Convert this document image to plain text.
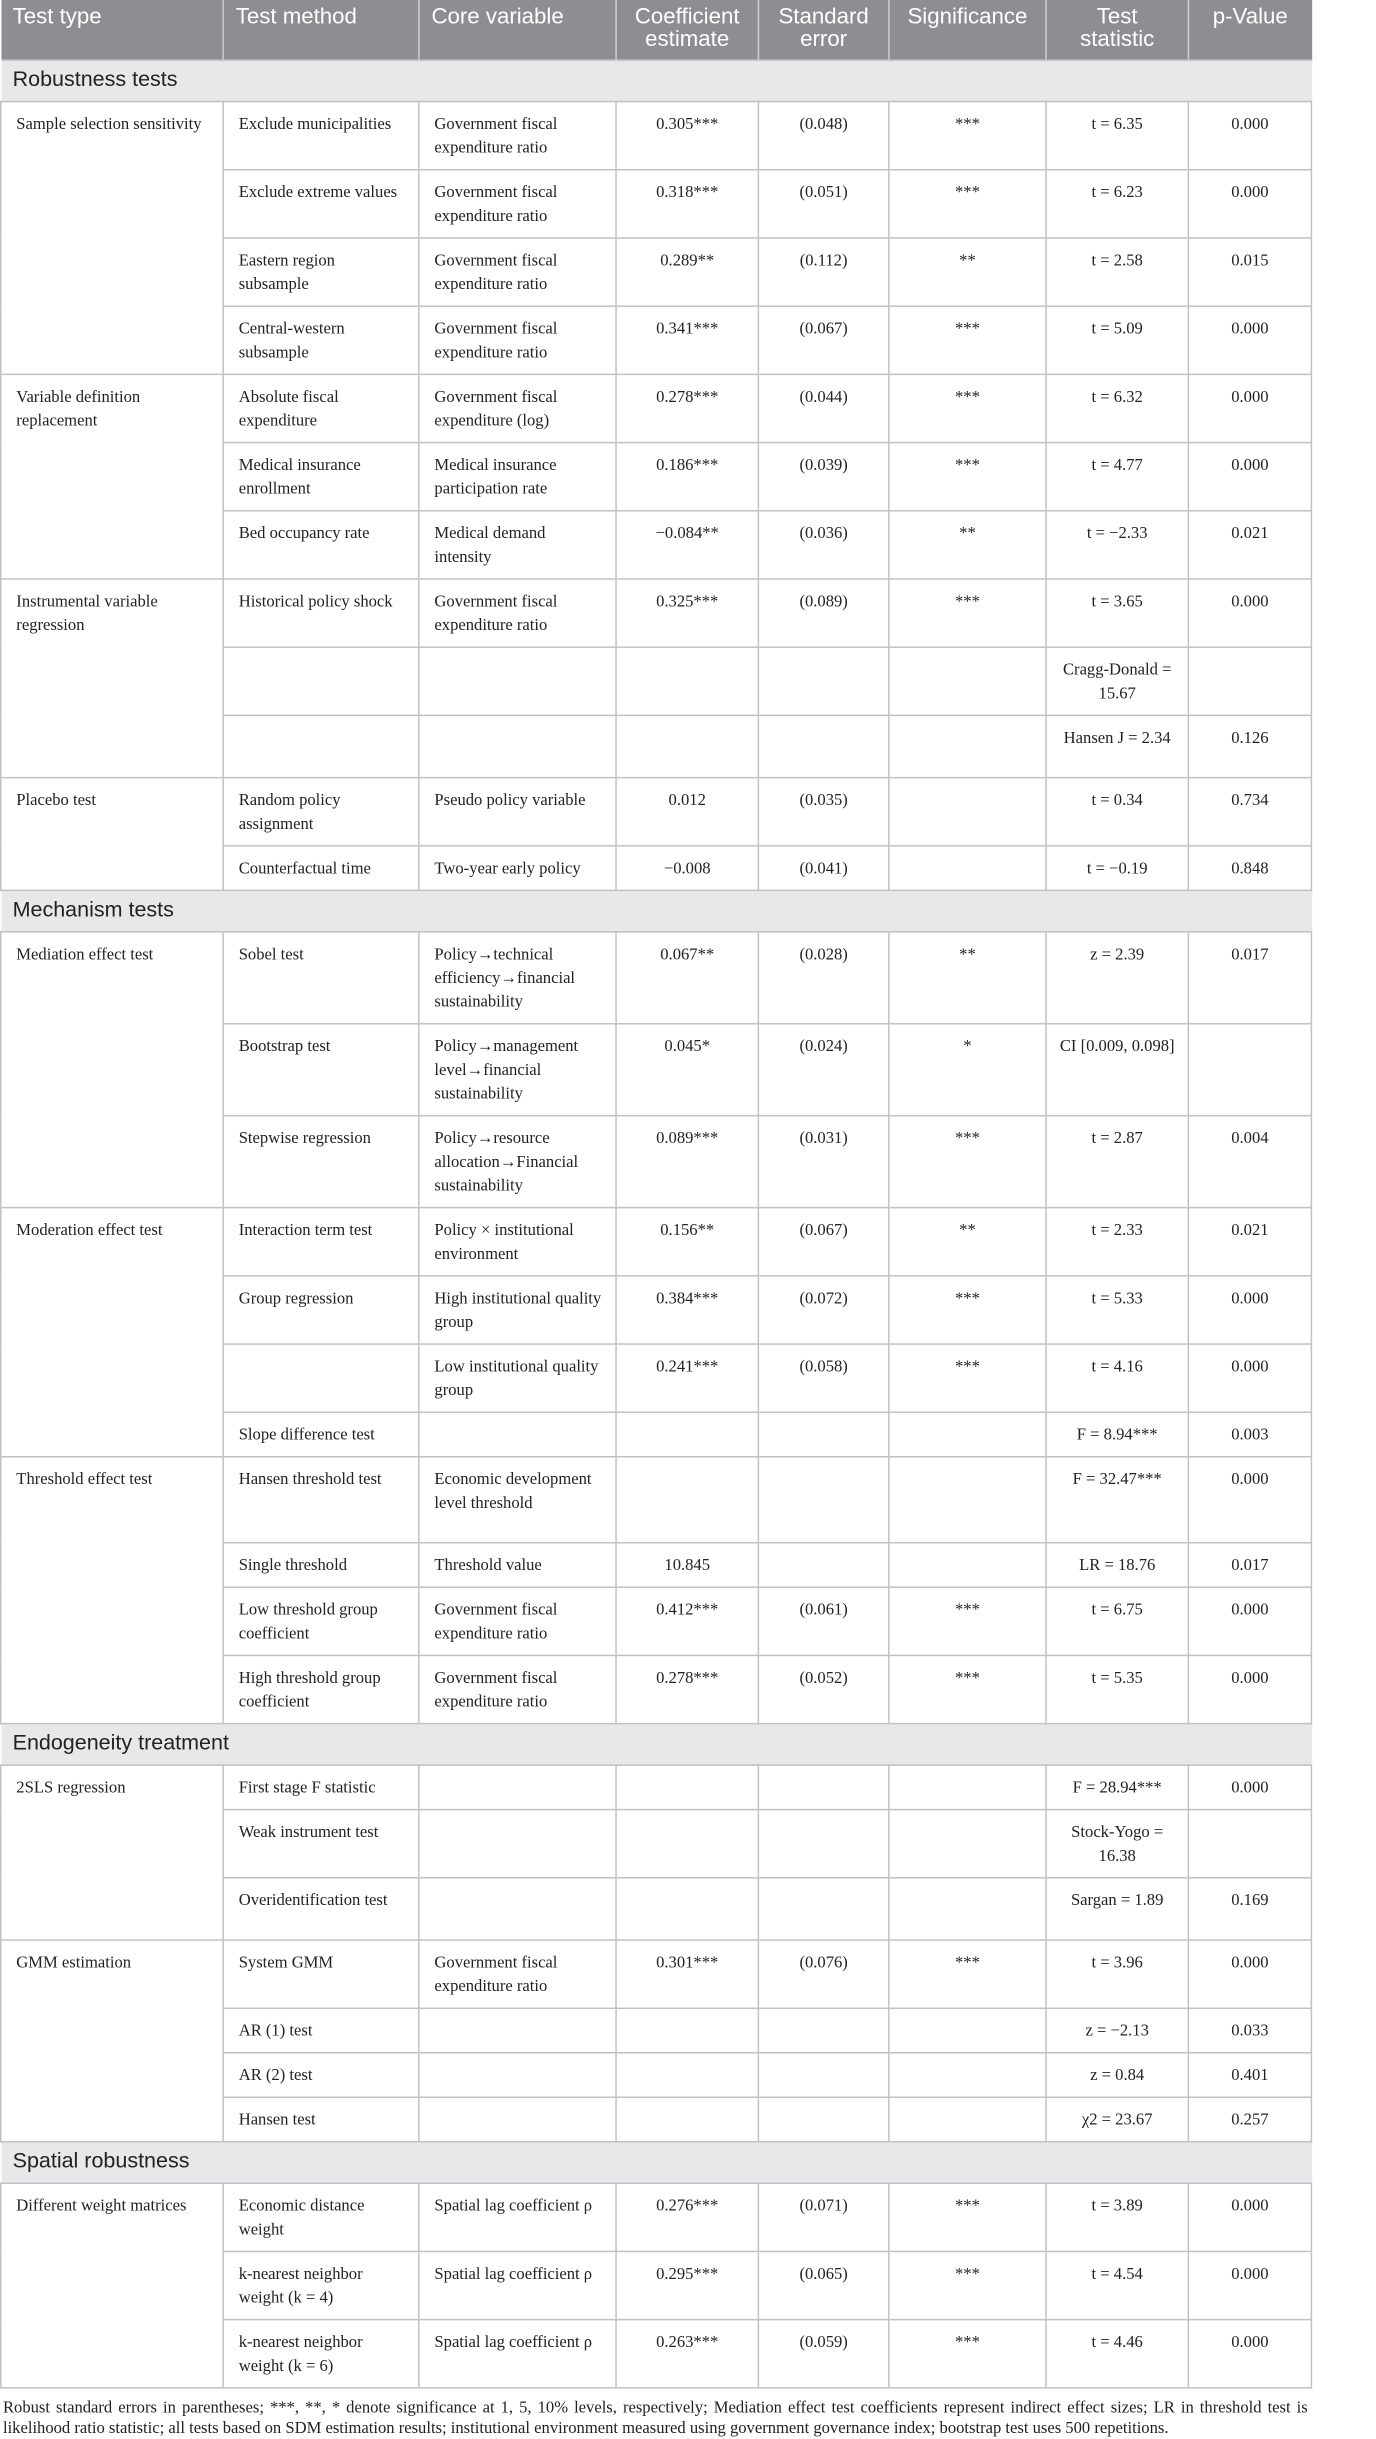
Test type	Test method	Core variable	Coefficient estimate	Standard error	Significance	Test statistic	p-Value
Robustness tests							
Sample selection sensitivity	Exclude municipalities	Government fiscal expenditure ratio	0.305***	(0.048)	***	t = 6.35	0.000
	Exclude extreme values	Government fiscal expenditure ratio	0.318***	(0.051)	***	t = 6.23	0.000
	Eastern region subsample	Government fiscal expenditure ratio	0.289**	(0.112)	**	t = 2.58	0.015
	Central-western subsample	Government fiscal expenditure ratio	0.341***	(0.067)	***	t = 5.09	0.000
Variable definition replacement	Absolute fiscal expenditure	Government fiscal expenditure (log)	0.278***	(0.044)	***	t = 6.32	0.000
	Medical insurance enrollment	Medical insurance participation rate	0.186***	(0.039)	***	t = 4.77	0.000
	Bed occupancy rate	Medical demand intensity	−0.084**	(0.036)	**	t = −2.33	0.021
Instrumental variable regression	Historical policy shock	Government fiscal expenditure ratio	0.325***	(0.089)	***	t = 3.65	0.000
						Cragg-Donald = 15.67	
						Hansen J = 2.34	0.126
Placebo test	Random policy assignment	Pseudo policy variable	0.012	(0.035)		t = 0.34	0.734
	Counterfactual time	Two-year early policy	−0.008	(0.041)		t = −0.19	0.848
Mechanism tests							
Mediation effect test	Sobel test	Policy→technical efficiency→financial sustainability	0.067**	(0.028)	**	z = 2.39	0.017
	Bootstrap test	Policy→management level→financial sustainability	0.045*	(0.024)	*	CI [0.009, 0.098]	
	Stepwise regression	Policy→resource allocation→Financial sustainability	0.089***	(0.031)	***	t = 2.87	0.004
Moderation effect test	Interaction term test	Policy × institutional environment	0.156**	(0.067)	**	t = 2.33	0.021
	Group regression	High institutional quality group	0.384***	(0.072)	***	t = 5.33	0.000
		Low institutional quality group	0.241***	(0.058)	***	t = 4.16	0.000
	Slope difference test					F = 8.94***	0.003
Threshold effect test	Hansen threshold test	Economic development level threshold				F = 32.47***	0.000
	Single threshold	Threshold value	10.845			LR = 18.76	0.017
	Low threshold group coefficient	Government fiscal expenditure ratio	0.412***	(0.061)	***	t = 6.75	0.000
	High threshold group coefficient	Government fiscal expenditure ratio	0.278***	(0.052)	***	t = 5.35	0.000
Endogeneity treatment							
2SLS regression	First stage F statistic					F = 28.94***	0.000
	Weak instrument test					Stock-Yogo = 16.38	
	Overidentification test					Sargan = 1.89	0.169
GMM estimation	System GMM	Government fiscal expenditure ratio	0.301***	(0.076)	***	t = 3.96	0.000
	AR (1) test					z = −2.13	0.033
	AR (2) test					z = 0.84	0.401
	Hansen test					χ2 = 23.67	0.257
Spatial robustness							
Different weight matrices	Economic distance weight	Spatial lag coefficient ρ	0.276***	(0.071)	***	t = 3.89	0.000
	k-nearest neighbor weight (k = 4)	Spatial lag coefficient ρ	0.295***	(0.065)	***	t = 4.54	0.000
	k-nearest neighbor weight (k = 6)	Spatial lag coefficient ρ	0.263***	(0.059)	***	t = 4.46	0.000
Robust standard errors in parentheses; ***, **, * denote significance at 1, 5, 10% levels, respectively; Mediation effect test coefficients represent indirect effect sizes; LR in threshold test is likelihood ratio statistic; all tests based on SDM estimation results; institutional environment measured using government governance index; bootstrap test uses 500 repetitions.
